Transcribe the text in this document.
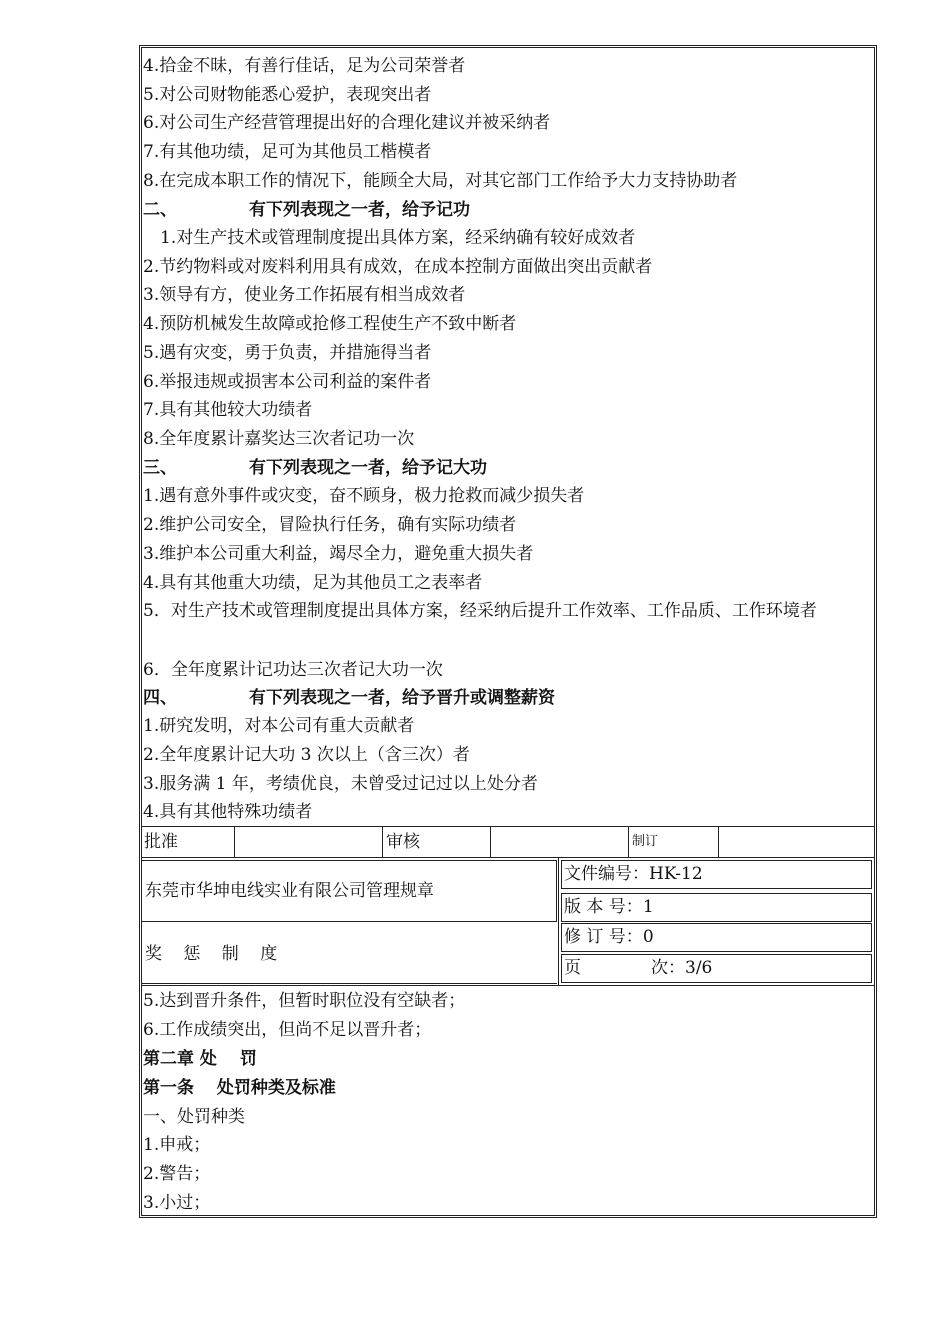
4.拾金不昧，有善行佳话，足为公司荣誉者
5.对公司财物能悉心爱护，表现突出者
6.对公司生产经营管理提出好的合理化建议并被采纳者
7.有其他功绩，足可为其他员工楷模者
8.在完成本职工作的情况下，能顾全大局，对其它部门工作给予大力支持协助者
二、	有下列表现之一者，给予记功
1.对生产技术或管理制度提出具体方案，经采纳确有较好成效者
2.节约物料或对废料利用具有成效，在成本控制方面做出突出贡献者
3.领导有方，使业务工作拓展有相当成效者
4.预防机械发生故障或抢修工程使生产不致中断者
5.遇有灾变，勇于负责，并措施得当者
6.举报违规或损害本公司利益的案件者
7.具有其他较大功绩者
8.全年度累计嘉奖达三次者记功一次
三、	有下列表现之一者，给予记大功
1.遇有意外事件或灾变，奋不顾身，极力抢救而减少损失者
2.维护公司安全，冒险执行任务，确有实际功绩者
3.维护本公司重大利益，竭尽全力，避免重大损失者
4.具有其他重大功绩，足为其他员工之表率者
5．对生产技术或管理制度提出具体方案，经采纳后提升工作效率、工作品质、工作环境者
6．全年度累计记功达三次者记大功一次
四、	有下列表现之一者，给予晋升或调整薪资
1.研究发明，对本公司有重大贡献者
2.全年度累计记大功 3 次以上（含三次）者
3.服务满 1 年，考绩优良，未曾受过记过以上处分者
4.具有其他特殊功绩者
批准	审核	制订
东莞市华坤电线实业有限公司管理规章
奖 惩 制 度
文件编号：HK-12
版 本 号：1
修 订 号：0
页	次：3/6
5.达到晋升条件，但暂时职位没有空缺者；
6.工作成绩突出，但尚不足以晋升者；
第二章 处　 罚
第一条　 处罚种类及标准
一、处罚种类
1.申戒；
2.警告；
3.小过；
